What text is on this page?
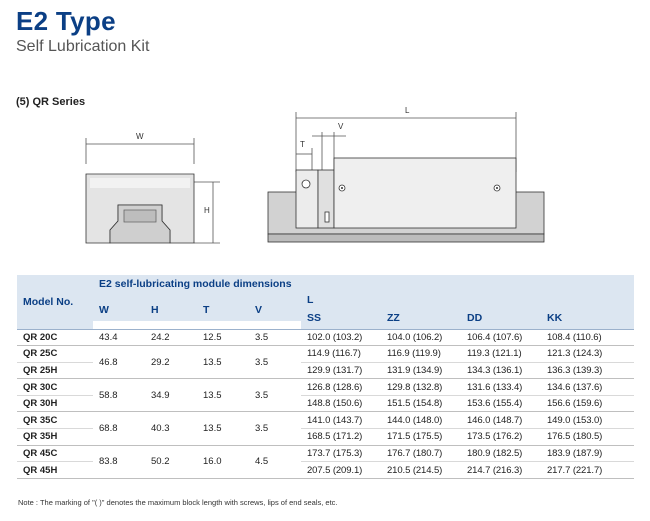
E2 Type
Self Lubrication Kit
(5) QR Series
W
H
L
V
T
Model No.	E2 self-lubricating module dimensions							
					L			
	W	H	T	V	SS	ZZ	DD	KK
QR 20C	43.4	24.2	12.5	3.5	102.0 (103.2)	104.0 (106.2)	106.4 (107.6)	108.4 (110.6)
QR 25C	46.8	29.2	13.5	3.5	114.9 (116.7)	116.9 (119.9)	119.3 (121.1)	121.3 (124.3)
QR 25H					129.9 (131.7)	131.9 (134.9)	134.3 (136.1)	136.3 (139.3)
QR 30C	58.8	34.9	13.5	3.5	126.8 (128.6)	129.8 (132.8)	131.6 (133.4)	134.6 (137.6)
QR 30H					148.8 (150.6)	151.5 (154.8)	153.6 (155.4)	156.6 (159.6)
QR 35C	68.8	40.3	13.5	3.5	141.0 (143.7)	144.0 (148.0)	146.0 (148.7)	149.0 (153.0)
QR 35H					168.5 (171.2)	171.5 (175.5)	173.5 (176.2)	176.5 (180.5)
QR 45C	83.8	50.2	16.0	4.5	173.7 (175.3)	176.7 (180.7)	180.9 (182.5)	183.9 (187.9)
QR 45H					207.5 (209.1)	210.5 (214.5)	214.7 (216.3)	217.7 (221.7)
Note : The marking of "( )" denotes the maximum block length with screws, lips of end seals, etc.
